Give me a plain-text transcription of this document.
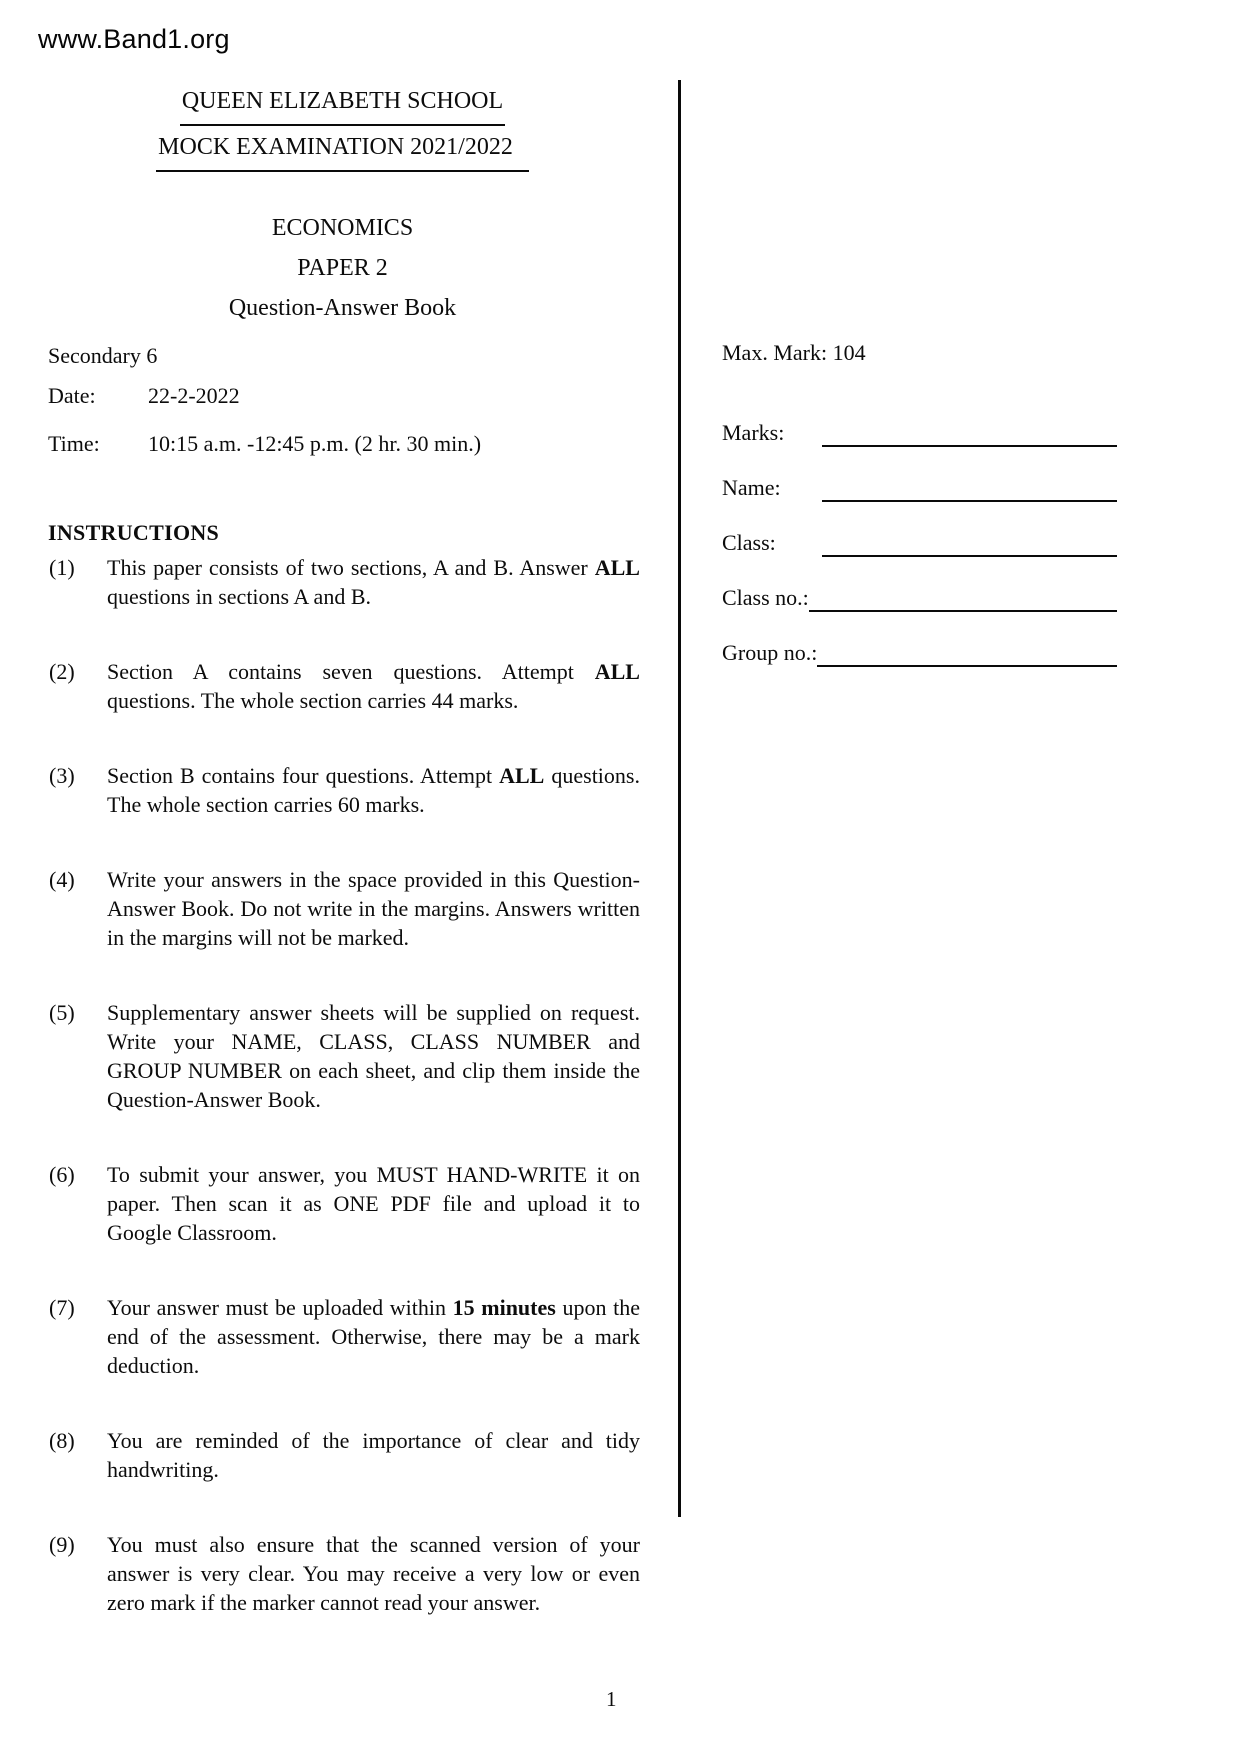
www.Band1.org
QUEEN ELIZABETH SCHOOL
MOCK EXAMINATION 2021/2022
ECONOMICS
PAPER 2
Question-Answer Book
Secondary 6
Date:	22-2-2022
Time:	10:15 a.m. -12:45 p.m. (2 hr. 30 min.)
INSTRUCTIONS
(1) This paper consists of two sections, A and B. Answer ALL questions in sections A and B.
(2) Section A contains seven questions. Attempt ALL questions. The whole section carries 44 marks.
(3) Section B contains four questions. Attempt ALL questions. The whole section carries 60 marks.
(4) Write your answers in the space provided in this Question-Answer Book. Do not write in the margins. Answers written in the margins will not be marked.
(5) Supplementary answer sheets will be supplied on request. Write your NAME, CLASS, CLASS NUMBER and GROUP NUMBER on each sheet, and clip them inside the Question-Answer Book.
(6) To submit your answer, you MUST HAND-WRITE it on paper. Then scan it as ONE PDF file and upload it to Google Classroom.
(7) Your answer must be uploaded within 15 minutes upon the end of the assessment. Otherwise, there may be a mark deduction.
(8) You are reminded of the importance of clear and tidy handwriting.
(9) You must also ensure that the scanned version of your answer is very clear. You may receive a very low or even zero mark if the marker cannot read your answer.
Max. Mark: 104
Marks:
Name:
Class:
Class no.:
Group no.:
1
